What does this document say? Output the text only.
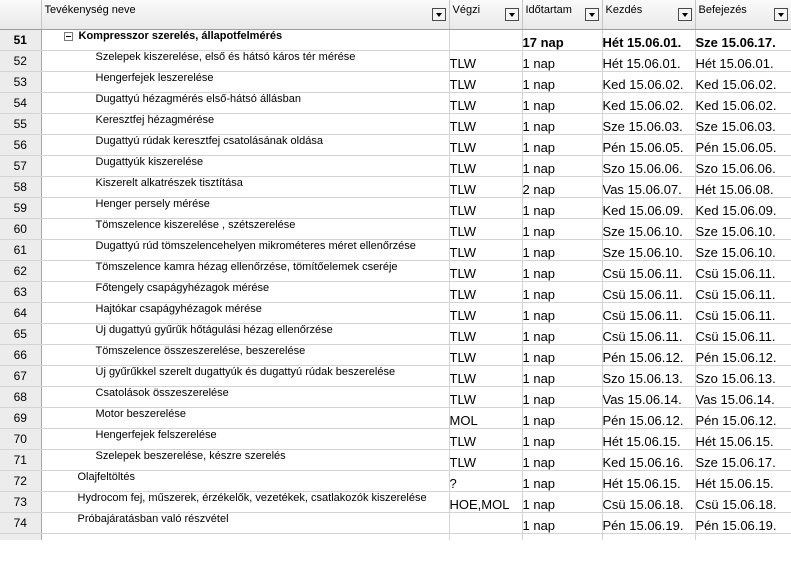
	Tevékenység neve	Végzi	Időtartam	Kezdés	Befejezés

51	Kompresszor szerelés, állapotfelmérés		17 nap	Hét 15.06.01.	Sze 15.06.17.
52	Szelepek kiszerelése, első és hátsó káros tér mérése	TLW	1 nap	Hét 15.06.01.	Hét 15.06.01.
53	Hengerfejek leszerelése	TLW	1 nap	Ked 15.06.02.	Ked 15.06.02.
54	Dugattyú hézagmérés első-hátsó állásban	TLW	1 nap	Ked 15.06.02.	Ked 15.06.02.
55	Keresztfej hézagmérése	TLW	1 nap	Sze 15.06.03.	Sze 15.06.03.
56	Dugattyú rúdak keresztfej csatolásának oldása	TLW	1 nap	Pén 15.06.05.	Pén 15.06.05.
57	Dugattyúk kiszerelése	TLW	1 nap	Szo 15.06.06.	Szo 15.06.06.
58	Kiszerelt alkatrészek tisztítása	TLW	2 nap	Vas 15.06.07.	Hét 15.06.08.
59	Henger persely mérése	TLW	1 nap	Ked 15.06.09.	Ked 15.06.09.
60	Tömszelence kiszerelése , szétszerelése	TLW	1 nap	Sze 15.06.10.	Sze 15.06.10.
61	Dugattyú rúd tömszelencehelyen mikrométeres méret ellenőrzése	TLW	1 nap	Sze 15.06.10.	Sze 15.06.10.
62	Tömszelence kamra hézag ellenőrzése, tömítőelemek cseréje	TLW	1 nap	Csü 15.06.11.	Csü 15.06.11.
63	Főtengely csapágyhézagok mérése	TLW	1 nap	Csü 15.06.11.	Csü 15.06.11.
64	Hajtókar csapágyhézagok mérése	TLW	1 nap	Csü 15.06.11.	Csü 15.06.11.
65	Új dugattyú gyűrűk hőtágulási hézag ellenőrzése	TLW	1 nap	Csü 15.06.11.	Csü 15.06.11.
66	Tömszelence összeszerelése, beszerelése	TLW	1 nap	Pén 15.06.12.	Pén 15.06.12.
67	Új gyűrűkkel szerelt dugattyúk és dugattyú rúdak beszerelése	TLW	1 nap	Szo 15.06.13.	Szo 15.06.13.
68	Csatolások összeszerelése	TLW	1 nap	Vas 15.06.14.	Vas 15.06.14.
69	Motor beszerelése	MOL	1 nap	Pén 15.06.12.	Pén 15.06.12.
70	Hengerfejek felszerelése	TLW	1 nap	Hét 15.06.15.	Hét 15.06.15.
71	Szelepek beszerelése, készre szerelés	TLW	1 nap	Ked 15.06.16.	Sze 15.06.17.
72	Olajfeltöltés	?	1 nap	Hét 15.06.15.	Hét 15.06.15.
73	Hydrocom fej, műszerek, érzékelők, vezetékek, csatlakozók kiszerelése	HOE,MOL	1 nap	Csü 15.06.18.	Csü 15.06.18.
74	Próbajáratásban való részvétel		1 nap	Pén 15.06.19.	Pén 15.06.19.
